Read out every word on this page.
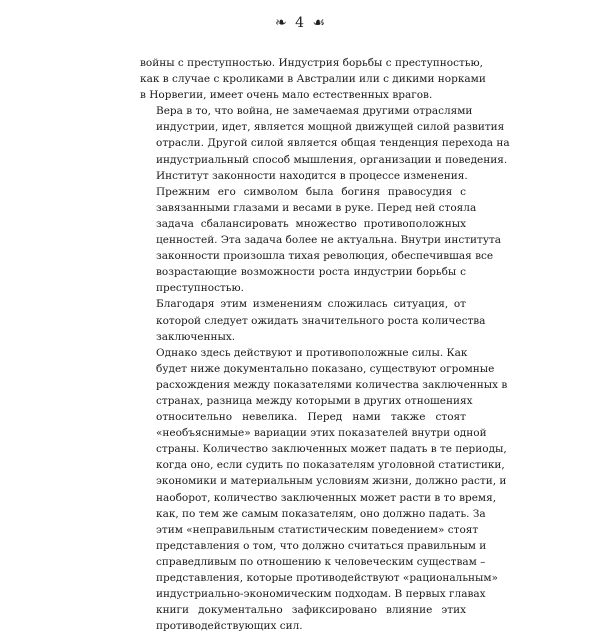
❧ 4 ☙

войны с преступностью. Индустрия борьбы с преступностью,
как в случае с кроликами в Австралии или с дикими норками
в Норвегии, имеет очень мало естественных врагов.

Вера в то, что война, не замечаемая другими отраслями
индустрии, идет, является мощной движущей силой развития
отрасли. Другой силой является общая тенденция перехода на
индустриальный способ мышления, организации и поведения.

Институт законности находится в процессе изменения.
Прежним его символом была богиня правосудия с
завязанными глазами и весами в руке. Перед ней стояла
задача сбалансировать множество противоположных
ценностей. Эта задача более не актуальна. Внутри института
законности произошла тихая революция, обеспечившая все
возрастающие возможности роста индустрии борьбы с
преступностью.

Благодаря этим изменениям сложилась ситуация, от
которой следует ожидать значительного роста количества
заключенных.

Однако здесь действуют и противоположные силы. Как
будет ниже документально показано, существуют огромные
расхождения между показателями количества заключенных в
странах, разница между которыми в других отношениях
относительно невелика. Перед нами также стоят
«необъяснимые» вариации этих показателей внутри одной
страны. Количество заключенных может падать в те периоды,
когда оно, если судить по показателям уголовной статистики,
экономики и материальным условиям жизни, должно расти, и
наоборот, количество заключенных может расти в то время,
как, по тем же самым показателям, оно должно падать. За
этим «неправильным статистическим поведением» стоят
представления о том, что должно считаться правильным и
справедливым по отношению к человеческим существам –
представления, которые противодействуют «рациональным»
индустриально-экономическим подходам. В первых главах
книги документально зафиксировано влияние этих
противодействующих сил.
